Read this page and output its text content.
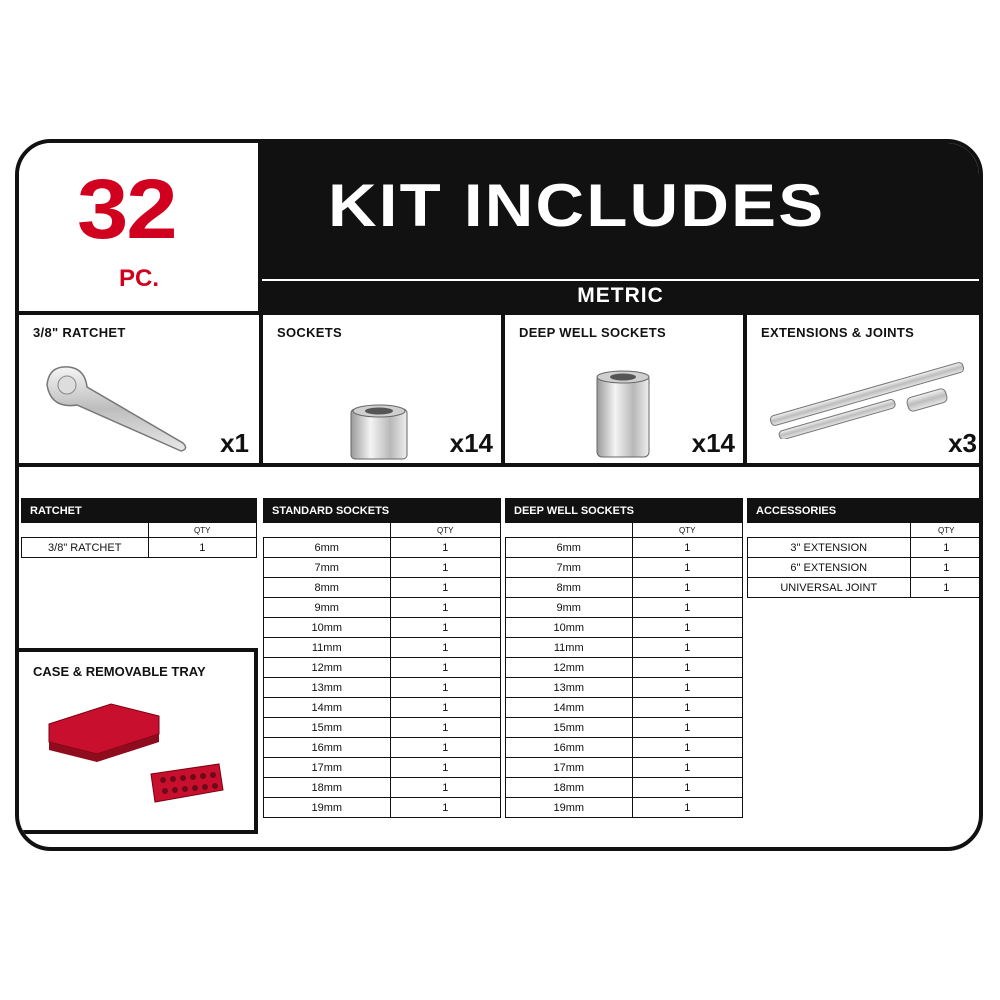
32
PC.
KIT INCLUDES
METRIC
3/8" RATCHET
x1
SOCKETS
x14
DEEP WELL SOCKETS
x14
EXTENSIONS & JOINTS
x3
RATCHET	
	QTY
3/8" RATCHET	1
CASE & REMOVABLE TRAY
STANDARD SOCKETS	
	QTY
6mm	1
7mm	1
8mm	1
9mm	1
10mm	1
11mm	1
12mm	1
13mm	1
14mm	1
15mm	1
16mm	1
17mm	1
18mm	1
19mm	1
DEEP WELL SOCKETS	
	QTY
6mm	1
7mm	1
8mm	1
9mm	1
10mm	1
11mm	1
12mm	1
13mm	1
14mm	1
15mm	1
16mm	1
17mm	1
18mm	1
19mm	1
ACCESSORIES	
	QTY
3" EXTENSION	1
6" EXTENSION	1
UNIVERSAL JOINT	1
